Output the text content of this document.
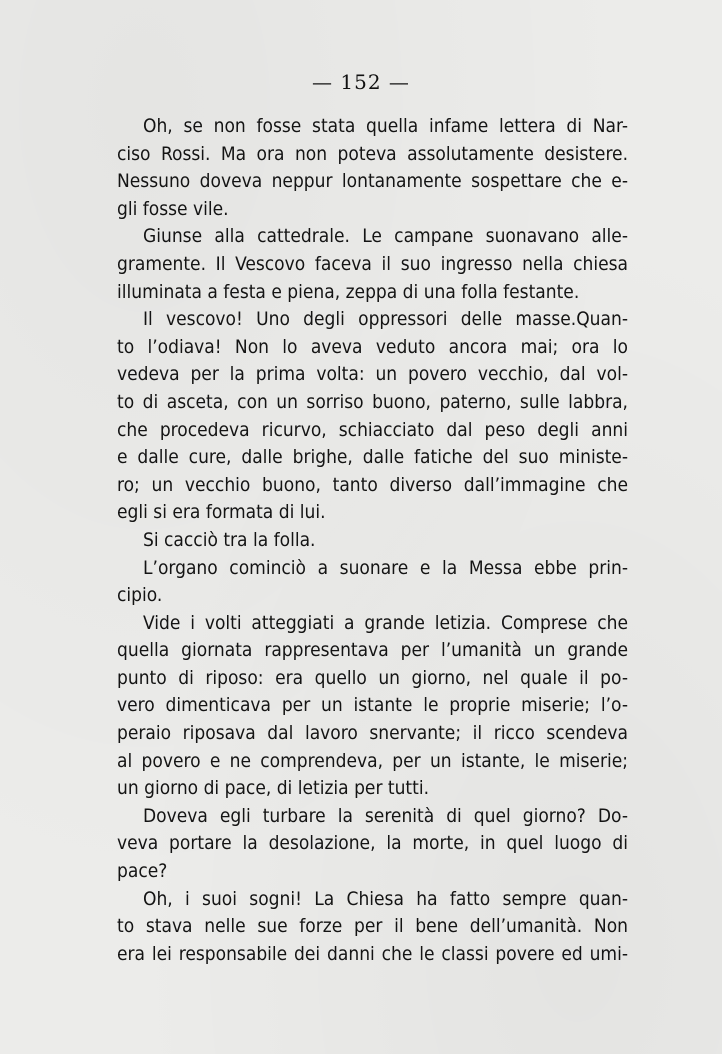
— 152 —
Oh, se non fosse stata quella infame lettera di Nar-
ciso Rossi. Ma ora non poteva assolutamente desistere.
Nessuno doveva neppur lontanamente sospettare che e-
gli fosse vile.
Giunse alla cattedrale. Le campane suonavano alle-
gramente. Il Vescovo faceva il suo ingresso nella chiesa
illuminata a festa e piena, zeppa di una folla festante.
Il vescovo! Uno degli oppressori delle masse.Quan-
to l’odiava! Non lo aveva veduto ancora mai; ora lo
vedeva per la prima volta: un povero vecchio, dal vol-
to di asceta, con un sorriso buono, paterno, sulle labbra,
che procedeva ricurvo, schiacciato dal peso degli anni
e dalle cure, dalle brighe, dalle fatiche del suo ministe-
ro; un vecchio buono, tanto diverso dall’immagine che
egli si era formata di lui.
Si cacciò tra la folla.
L’organo cominciò a suonare e la Messa ebbe prin-
cipio.
Vide i volti atteggiati a grande letizia. Comprese che
quella giornata rappresentava per l’umanità un grande
punto di riposo: era quello un giorno, nel quale il po-
vero dimenticava per un istante le proprie miserie; l’o-
peraio riposava dal lavoro snervante; il ricco scendeva
al povero e ne comprendeva, per un istante, le miserie;
un giorno di pace, di letizia per tutti.
Doveva egli turbare la serenità di quel giorno? Do-
veva portare la desolazione, la morte, in quel luogo di
pace?
Oh, i suoi sogni! La Chiesa ha fatto sempre quan-
to stava nelle sue forze per il bene dell’umanità. Non
era lei responsabile dei danni che le classi povere ed umi-
